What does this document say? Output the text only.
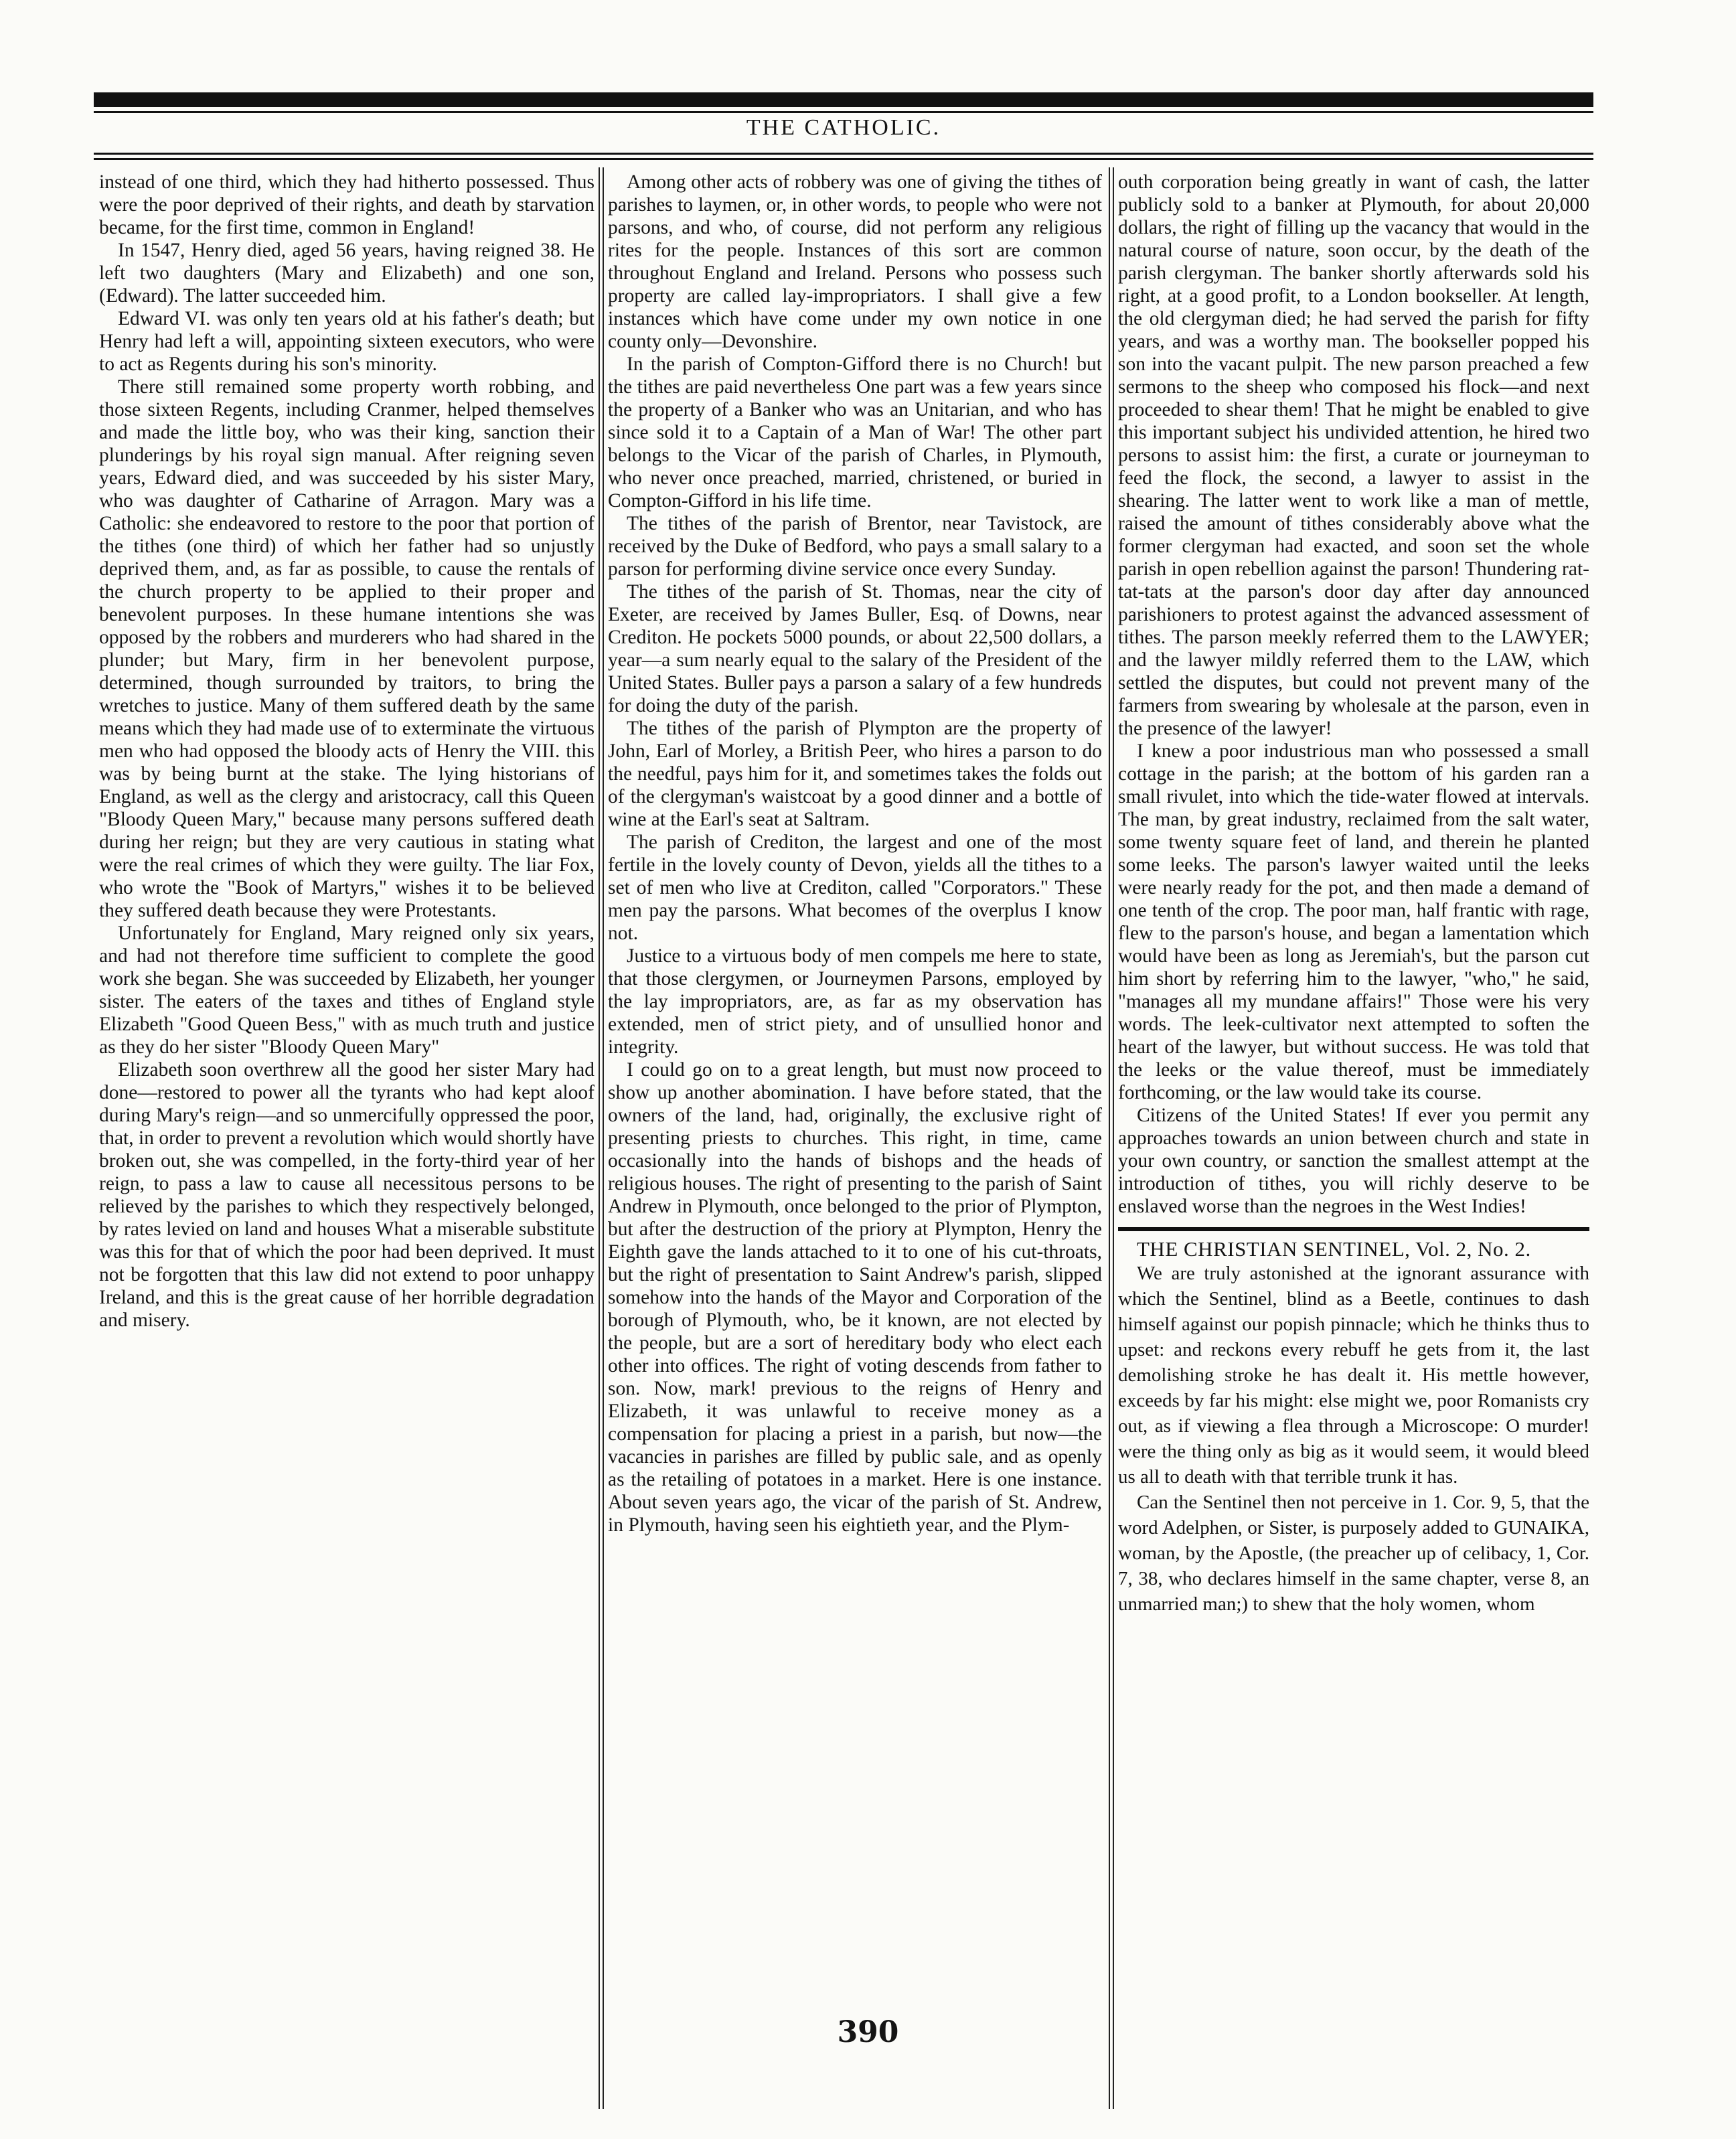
THE CATHOLIC.

instead of one third, which they had hitherto possessed. Thus were the poor deprived of their rights, and death by starvation became, for the first time, common in England!

In 1547, Henry died, aged 56 years, having reigned 38. He left two daughters (Mary and Elizabeth) and one son, (Edward). The latter succeeded him.

Edward VI. was only ten years old at his father's death; but Henry had left a will, appointing sixteen executors, who were to act as Regents during his son's minority.

There still remained some property worth robbing, and those sixteen Regents, including Cranmer, helped themselves and made the little boy, who was their king, sanction their plunderings by his royal sign manual. After reigning seven years, Edward died, and was succeeded by his sister Mary, who was daughter of Catharine of Arragon. Mary was a Catholic: she endeavored to restore to the poor that portion of the tithes (one third) of which her father had so unjustly deprived them, and, as far as possible, to cause the rentals of the church property to be applied to their proper and benevolent purposes. In these humane intentions she was opposed by the robbers and murderers who had shared in the plunder; but Mary, firm in her benevolent purpose, determined, though surrounded by traitors, to bring the wretches to justice. Many of them suffered death by the same means which they had made use of to exterminate the virtuous men who had opposed the bloody acts of Henry the VIII. this was by being burnt at the stake. The lying historians of England, as well as the clergy and aristocracy, call this Queen "Bloody Queen Mary," because many persons suffered death during her reign; but they are very cautious in stating what were the real crimes of which they were guilty. The liar Fox, who wrote the "Book of Martyrs," wishes it to be believed they suffered death because they were Protestants.

Unfortunately for England, Mary reigned only six years, and had not therefore time sufficient to complete the good work she began. She was succeeded by Elizabeth, her younger sister. The eaters of the taxes and tithes of England style Elizabeth "Good Queen Bess," with as much truth and justice as they do her sister "Bloody Queen Mary"

Elizabeth soon overthrew all the good her sister Mary had done—restored to power all the tyrants who had kept aloof during Mary's reign—and so unmercifully oppressed the poor, that, in order to prevent a revolution which would shortly have broken out, she was compelled, in the forty-third year of her reign, to pass a law to cause all necessitous persons to be relieved by the parishes to which they respectively belonged, by rates levied on land and houses What a miserable substitute was this for that of which the poor had been deprived. It must not be forgotten that this law did not extend to poor unhappy Ireland, and this is the great cause of her horrible degradation and misery.

Among other acts of robbery was one of giving the tithes of parishes to laymen, or, in other words, to people who were not parsons, and who, of course, did not perform any religious rites for the people. Instances of this sort are common throughout England and Ireland. Persons who possess such property are called lay-impropriators. I shall give a few instances which have come under my own notice in one county only—Devonshire.

In the parish of Compton-Gifford there is no Church! but the tithes are paid nevertheless One part was a few years since the property of a Banker who was an Unitarian, and who has since sold it to a Captain of a Man of War! The other part belongs to the Vicar of the parish of Charles, in Plymouth, who never once preached, married, christened, or buried in Compton-Gifford in his life time.

The tithes of the parish of Brentor, near Tavistock, are received by the Duke of Bedford, who pays a small salary to a parson for performing divine service once every Sunday.

The tithes of the parish of St. Thomas, near the city of Exeter, are received by James Buller, Esq. of Downs, near Crediton. He pockets 5000 pounds, or about 22,500 dollars, a year—a sum nearly equal to the salary of the President of the United States. Buller pays a parson a salary of a few hundreds for doing the duty of the parish.

The tithes of the parish of Plympton are the property of John, Earl of Morley, a British Peer, who hires a parson to do the needful, pays him for it, and sometimes takes the folds out of the clergyman's waistcoat by a good dinner and a bottle of wine at the Earl's seat at Saltram.

The parish of Crediton, the largest and one of the most fertile in the lovely county of Devon, yields all the tithes to a set of men who live at Crediton, called "Corporators." These men pay the parsons. What becomes of the overplus I know not.

Justice to a virtuous body of men compels me here to state, that those clergymen, or Journeymen Parsons, employed by the lay impropriators, are, as far as my observation has extended, men of strict piety, and of unsullied honor and integrity.

I could go on to a great length, but must now proceed to show up another abomination. I have before stated, that the owners of the land, had, originally, the exclusive right of presenting priests to churches. This right, in time, came occasionally into the hands of bishops and the heads of religious houses. The right of presenting to the parish of Saint Andrew in Plymouth, once belonged to the prior of Plympton, but after the destruction of the priory at Plympton, Henry the Eighth gave the lands attached to it to one of his cut-throats, but the right of presentation to Saint Andrew's parish, slipped somehow into the hands of the Mayor and Corporation of the borough of Plymouth, who, be it known, are not elected by the people, but are a sort of hereditary body who elect each other into offices. The right of voting descends from father to son. Now, mark! previous to the reigns of Henry and Elizabeth, it was unlawful to receive money as a compensation for placing a priest in a parish, but now—the vacancies in parishes are filled by public sale, and as openly as the retailing of potatoes in a market. Here is one instance. About seven years ago, the vicar of the parish of St. Andrew, in Plymouth, having seen his eightieth year, and the Plym-

outh corporation being greatly in want of cash, the latter publicly sold to a banker at Plymouth, for about 20,000 dollars, the right of filling up the vacancy that would in the natural course of nature, soon occur, by the death of the parish clergyman. The banker shortly afterwards sold his right, at a good profit, to a London bookseller. At length, the old clergyman died; he had served the parish for fifty years, and was a worthy man. The bookseller popped his son into the vacant pulpit. The new parson preached a few sermons to the sheep who composed his flock—and next proceeded to shear them! That he might be enabled to give this important subject his undivided attention, he hired two persons to assist him: the first, a curate or journeyman to feed the flock, the second, a lawyer to assist in the shearing. The latter went to work like a man of mettle, raised the amount of tithes considerably above what the former clergyman had exacted, and soon set the whole parish in open rebellion against the parson! Thundering rat-tat-tats at the parson's door day after day announced parishioners to protest against the advanced assessment of tithes. The parson meekly referred them to the LAWYER; and the lawyer mildly referred them to the LAW, which settled the disputes, but could not prevent many of the farmers from swearing by wholesale at the parson, even in the presence of the lawyer!

I knew a poor industrious man who possessed a small cottage in the parish; at the bottom of his garden ran a small rivulet, into which the tide-water flowed at intervals. The man, by great industry, reclaimed from the salt water, some twenty square feet of land, and therein he planted some leeks. The parson's lawyer waited until the leeks were nearly ready for the pot, and then made a demand of one tenth of the crop. The poor man, half frantic with rage, flew to the parson's house, and began a lamentation which would have been as long as Jeremiah's, but the parson cut him short by referring him to the lawyer, "who," he said, "manages all my mundane affairs!" Those were his very words. The leek-cultivator next attempted to soften the heart of the lawyer, but without success. He was told that the leeks or the value thereof, must be immediately forthcoming, or the law would take its course.

Citizens of the United States! If ever you permit any approaches towards an union between church and state in your own country, or sanction the smallest attempt at the introduction of tithes, you will richly deserve to be enslaved worse than the negroes in the West Indies!

THE CHRISTIAN SENTINEL, Vol. 2, No. 2.

We are truly astonished at the ignorant assurance with which the Sentinel, blind as a Beetle, continues to dash himself against our popish pinnacle; which he thinks thus to upset: and reckons every rebuff he gets from it, the last demolishing stroke he has dealt it. His mettle however, exceeds by far his might: else might we, poor Romanists cry out, as if viewing a flea through a Microscope: O murder! were the thing only as big as it would seem, it would bleed us all to death with that terrible trunk it has.

Can the Sentinel then not perceive in 1. Cor. 9, 5, that the word Adelphen, or Sister, is purposely added to GUNAIKA, woman, by the Apostle, (the preacher up of celibacy, 1, Cor. 7, 38, who declares himself in the same chapter, verse 8, an unmarried man;) to shew that the holy women, whom

390
